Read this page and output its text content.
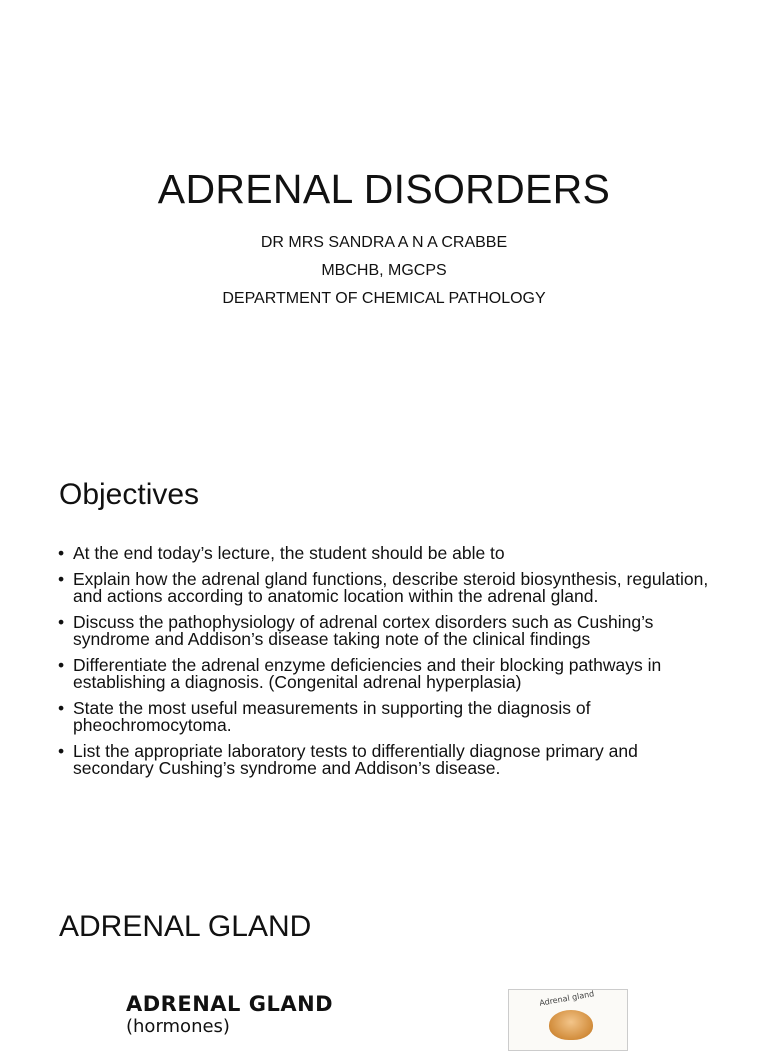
ADRENAL DISORDERS
DR MRS SANDRA A N A CRABBE
MBCHB, MGCPS
DEPARTMENT OF CHEMICAL PATHOLOGY
Objectives
• At the end today’s lecture, the student should be able to
• Explain how the adrenal gland functions, describe steroid biosynthesis, regulation, and actions according to anatomic location within the adrenal gland.
• Discuss the pathophysiology of adrenal cortex disorders such as Cushing’s syndrome and Addison’s disease taking note of the clinical findings
• Differentiate the adrenal enzyme deficiencies and their blocking pathways in establishing a diagnosis. (Congenital adrenal hyperplasia)
• State the most useful measurements in supporting the diagnosis of pheochromocytoma.
• List the appropriate laboratory tests to differentially diagnose primary and secondary Cushing’s syndrome and Addison’s disease.
ADRENAL GLAND
ADRENAL GLAND
(hormones)
Adrenal gland
